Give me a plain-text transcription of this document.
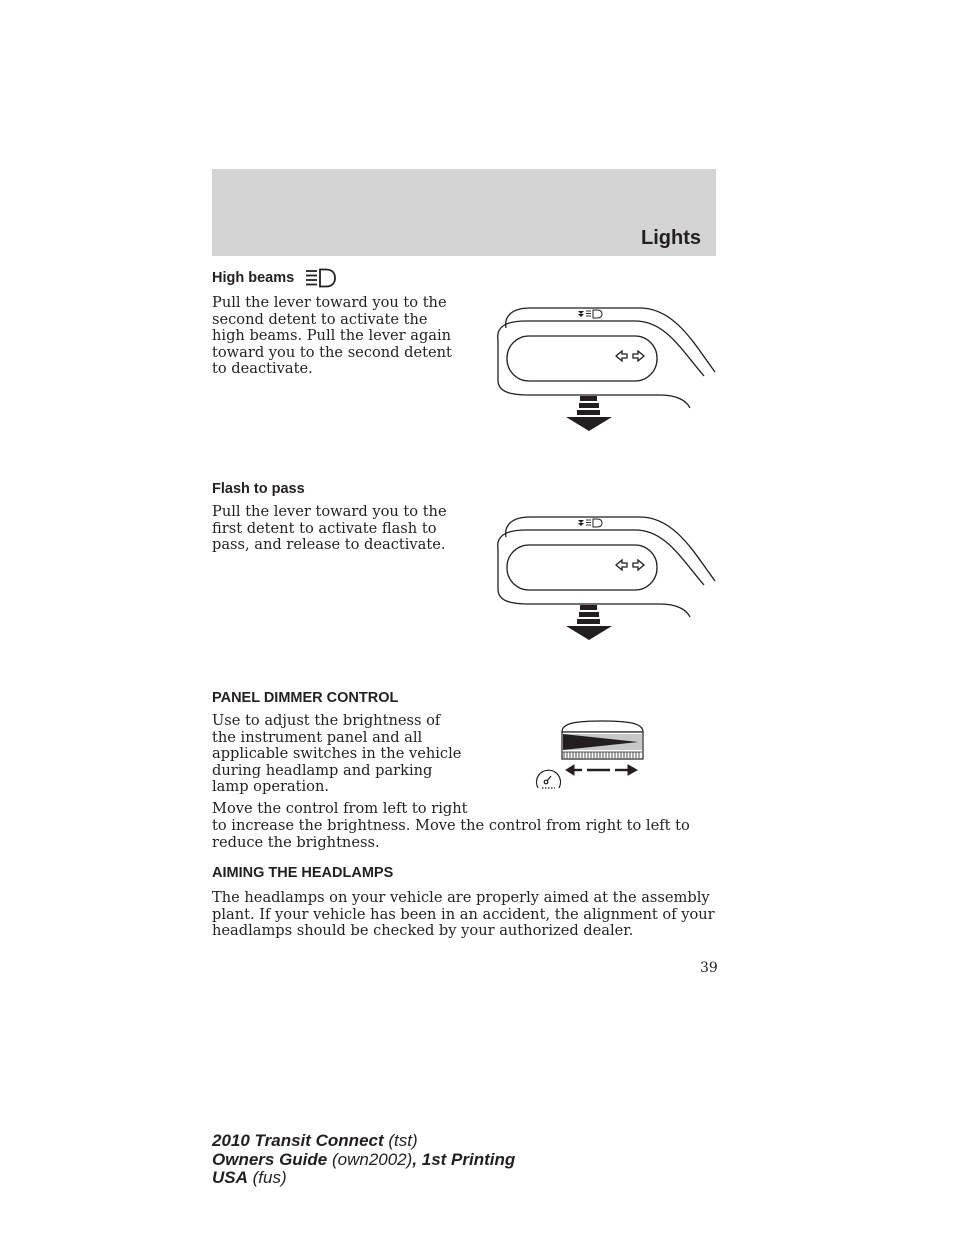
Lights
High beams

Pull the lever toward you to the second detent to activate the high beams. Pull the lever again toward you to the second detent to deactivate.

Flash to pass

Pull the lever toward you to the first detent to activate flash to pass, and release to deactivate.

PANEL DIMMER CONTROL

Use to adjust the brightness of the instrument panel and all applicable switches in the vehicle during headlamp and parking lamp operation.

Move the control from left to right

to increase the brightness. Move the control from right to left to reduce the brightness.

AIMING THE HEADLAMPS

The headlamps on your vehicle are properly aimed at the assembly plant. If your vehicle has been in an accident, the alignment of your headlamps should be checked by your authorized dealer.

39
2010 Transit Connect (tst)
Owners Guide (own2002), 1st Printing
USA (fus)
